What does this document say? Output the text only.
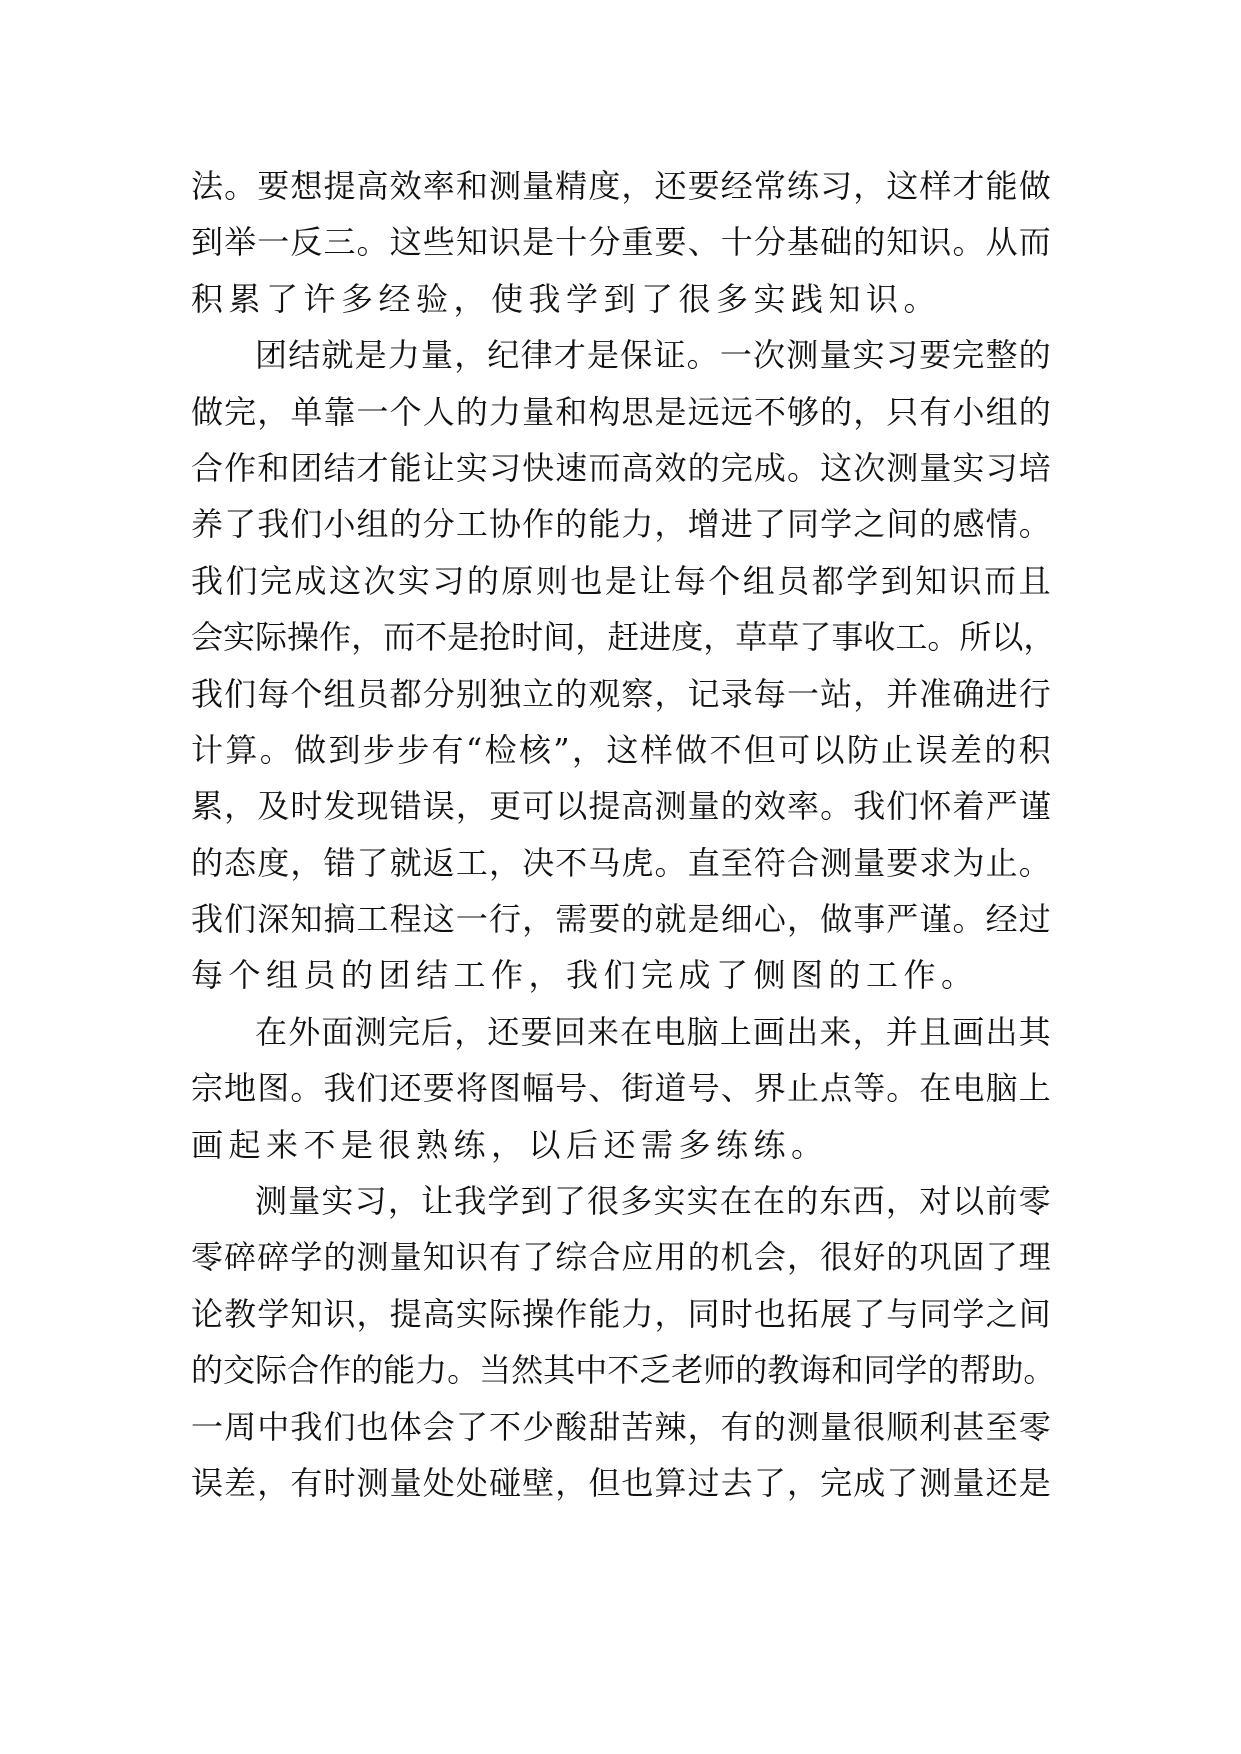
法 。 要 想 提 高 效 率 和 测 量 精 度 ， 还 要 经 常 练 习 ， 这 样 才 能 做
到 举 一 反 三 。 这 些 知 识 是 十 分 重 要 、 十 分 基 础 的 知 识 。 从 而
积累了许多经验，使我学到了很多实践知识。
团 结 就 是 力 量 ， 纪 律 才 是 保 证 。 一 次 测 量 实 习 要 完 整 的
做 完 ， 单 靠 一 个 人 的 力 量 和 构 思 是 远 远 不 够 的 ， 只 有 小 组 的
合 作 和 团 结 才 能 让 实 习 快 速 而 高 效 的 完 成 。 这 次 测 量 实 习 培
养 了 我 们 小 组 的 分 工 协 作 的 能 力 ， 增 进 了 同 学 之 间 的 感 情 。
我 们 完 成 这 次 实 习 的 原 则 也 是 让 每 个 组 员 都 学 到 知 识 而 且
会 实 际 操 作 ， 而 不 是 抢 时 间 ， 赶 进 度 ， 草 草 了 事 收 工 。 所 以 ，
我 们 每 个 组 员 都 分 别 独 立 的 观 察 ， 记 录 每 一 站 ， 并 准 确 进 行
计 算 。 做 到 步 步 有 “ 检 核 ” ， 这 样 做 不 但 可 以 防 止 误 差 的 积
累 ， 及 时 发 现 错 误 ， 更 可 以 提 高 测 量 的 效 率 。 我 们 怀 着 严 谨
的 态 度 ， 错 了 就 返 工 ， 决 不 马 虎 。 直 至 符 合 测 量 要 求 为 止 。
我 们 深 知 搞 工 程 这 一 行 ， 需 要 的 就 是 细 心 ， 做 事 严 谨 。 经 过
每个组员的团结工作，我们完成了侧图的工作。
在 外 面 测 完 后 ， 还 要 回 来 在 电 脑 上 画 出 来 ， 并 且 画 出 其
宗 地 图 。 我 们 还 要 将 图 幅 号 、 街 道 号 、 界 止 点 等 。 在 电 脑 上
画起来不是很熟练，以后还需多练练。
测 量 实 习 ， 让 我 学 到 了 很 多 实 实 在 在 的 东 西 ， 对 以 前 零
零 碎 碎 学 的 测 量 知 识 有 了 综 合 应 用 的 机 会 ， 很 好 的 巩 固 了 理
论 教 学 知 识 ， 提 高 实 际 操 作 能 力 ， 同 时 也 拓 展 了 与 同 学 之 间
的 交 际 合 作 的 能 力 。 当 然 其 中 不 乏 老 师 的 教 诲 和 同 学 的 帮 助 。
一 周 中 我 们 也 体 会 了 不 少 酸 甜 苦 辣 ， 有 的 测 量 很 顺 利 甚 至 零
误 差 ， 有 时 测 量 处 处 碰 壁 ， 但 也 算 过 去 了 ， 完 成 了 测 量 还 是
